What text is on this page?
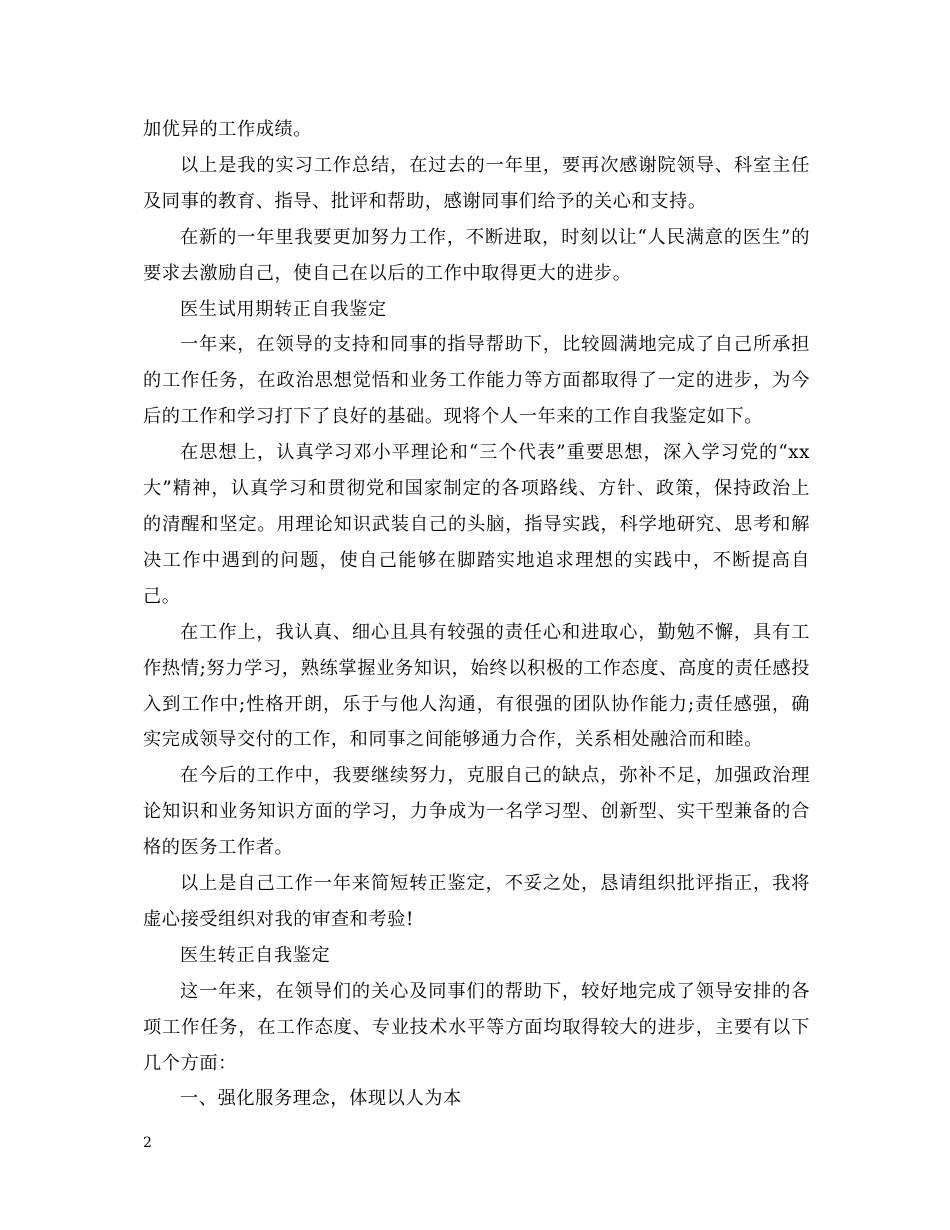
加优异的工作成绩。

以上是我的实习工作总结，在过去的一年里，要再次感谢院领导、科室主任及同事的教育、指导、批评和帮助，感谢同事们给予的关心和支持。

在新的一年里我要更加努力工作，不断进取，时刻以让“人民满意的医生”的要求去激励自己，使自己在以后的工作中取得更大的进步。

医生试用期转正自我鉴定

一年来，在领导的支持和同事的指导帮助下，比较圆满地完成了自己所承担的工作任务，在政治思想觉悟和业务工作能力等方面都取得了一定的进步，为今后的工作和学习打下了良好的基础。现将个人一年来的工作自我鉴定如下。

在思想上，认真学习邓小平理论和“三个代表”重要思想，深入学习党的“xx大”精神，认真学习和贯彻党和国家制定的各项路线、方针、政策，保持政治上的清醒和坚定。用理论知识武装自己的头脑，指导实践，科学地研究、思考和解决工作中遇到的问题，使自己能够在脚踏实地追求理想的实践中，不断提高自己。

在工作上，我认真、细心且具有较强的责任心和进取心，勤勉不懈，具有工作热情;努力学习，熟练掌握业务知识，始终以积极的工作态度、高度的责任感投入到工作中;性格开朗，乐于与他人沟通，有很强的团队协作能力;责任感强，确实完成领导交付的工作，和同事之间能够通力合作，关系相处融洽而和睦。

在今后的工作中，我要继续努力，克服自己的缺点，弥补不足，加强政治理论知识和业务知识方面的学习，力争成为一名学习型、创新型、实干型兼备的合格的医务工作者。

以上是自己工作一年来简短转正鉴定，不妥之处，恳请组织批评指正，我将虚心接受组织对我的审查和考验!

医生转正自我鉴定

这一年来，在领导们的关心及同事们的帮助下，较好地完成了领导安排的各项工作任务，在工作态度、专业技术水平等方面均取得较大的进步，主要有以下几个方面：

一、强化服务理念，体现以人为本

2
